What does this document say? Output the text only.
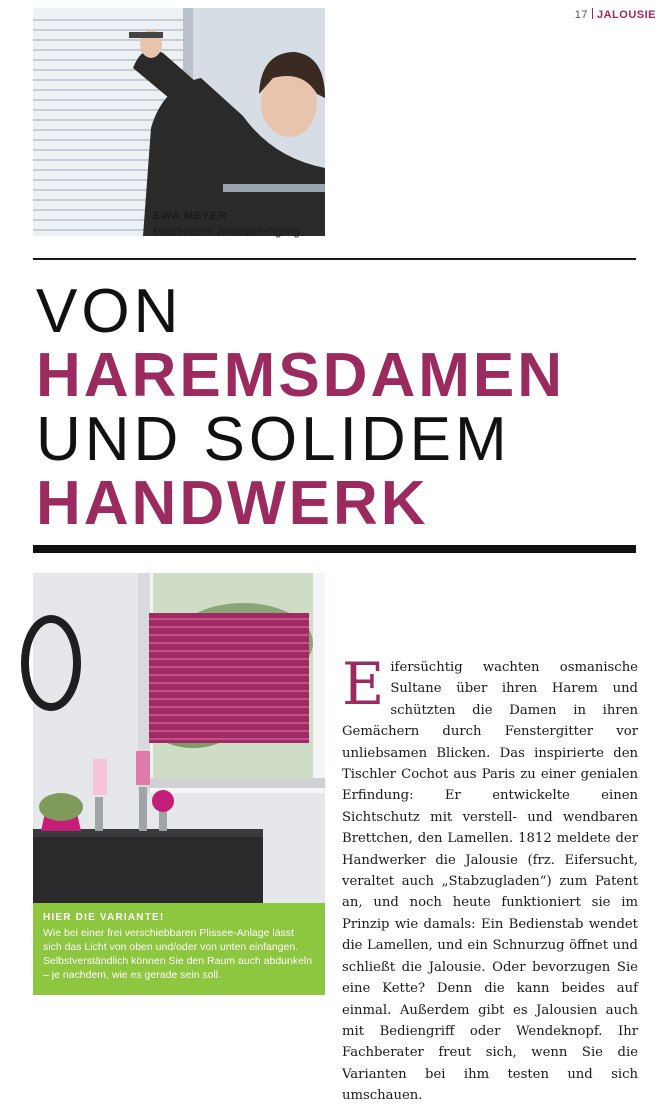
17 JALOUSIE
EWA MEYER
Mitarbeiterin Jalousiefertigung
VON
HAREMSDAMEN
UND SOLIDEM
HANDWERK
HIER DIE VARIANTE!
Wie bei einer frei verschiebbaren Plissee-Anlage lässt sich das Licht von oben und/oder von unten einfangen. Selbstverständlich können Sie den Raum auch abdunkeln – je nachdem, wie es gerade sein soll.
Eifersüchtig wachten osmanische Sultane über ihren Harem und schützten die Damen in ihren Gemächern durch Fenstergitter vor unliebsamen Blicken. Das inspirierte den Tischler Cochot aus Paris zu einer genialen Erfindung: Er entwickelte einen Sichtschutz mit verstell- und wendbaren Brettchen, den Lamellen. 1812 meldete der Handwerker die Jalousie (frz. Eifersucht, veraltet auch „Stabzugladen“) zum Patent an, und noch heute funktioniert sie im Prinzip wie damals: Ein Bedienstab wendet die Lamellen, und ein Schnurzug öffnet und schließt die Jalousie. Oder bevorzugen Sie eine Kette? Denn die kann beides auf einmal. Außerdem gibt es Jalousien auch mit Bediengriff oder Wendeknopf. Ihr Fachberater freut sich, wenn Sie die Varianten bei ihm testen und sich umschauen.
